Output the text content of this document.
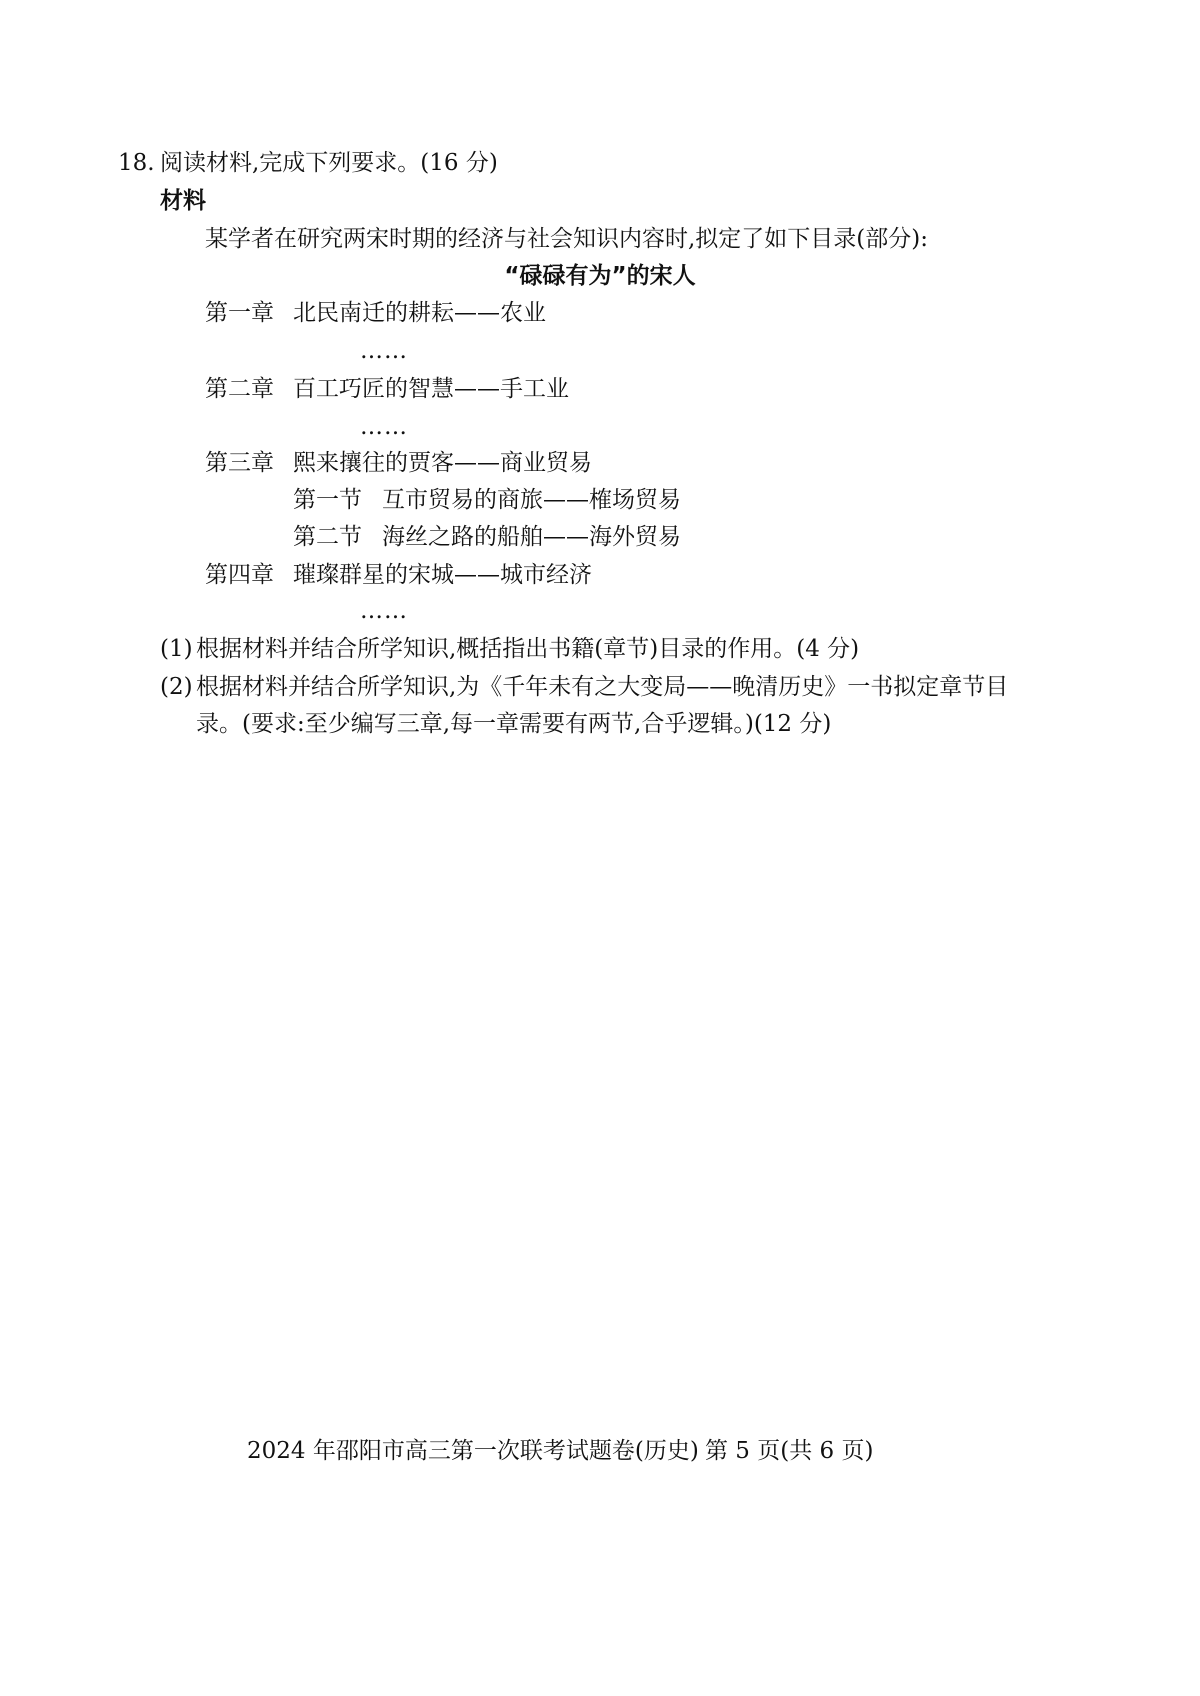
18. 阅读材料,完成下列要求。(16 分)
材料
某学者在研究两宋时期的经济与社会知识内容时,拟定了如下目录(部分):
“碌碌有为”的宋人
第一章 北民南迁的耕耘——农业
……
第二章 百工巧匠的智慧——手工业
……
第三章 熙来攘往的贾客——商业贸易
第一节 互市贸易的商旅——榷场贸易
第二节 海丝之路的船舶——海外贸易
第四章 璀璨群星的宋城——城市经济
……
(1) 根据材料并结合所学知识,概括指出书籍(章节)目录的作用。(4 分)
(2) 根据材料并结合所学知识,为《千年未有之大变局——晚清历史》一书拟定章节目
录。(要求:至少编写三章,每一章需要有两节,合乎逻辑。)(12 分)
2024 年邵阳市高三第一次联考试题卷(历史) 第 5 页(共 6 页)
